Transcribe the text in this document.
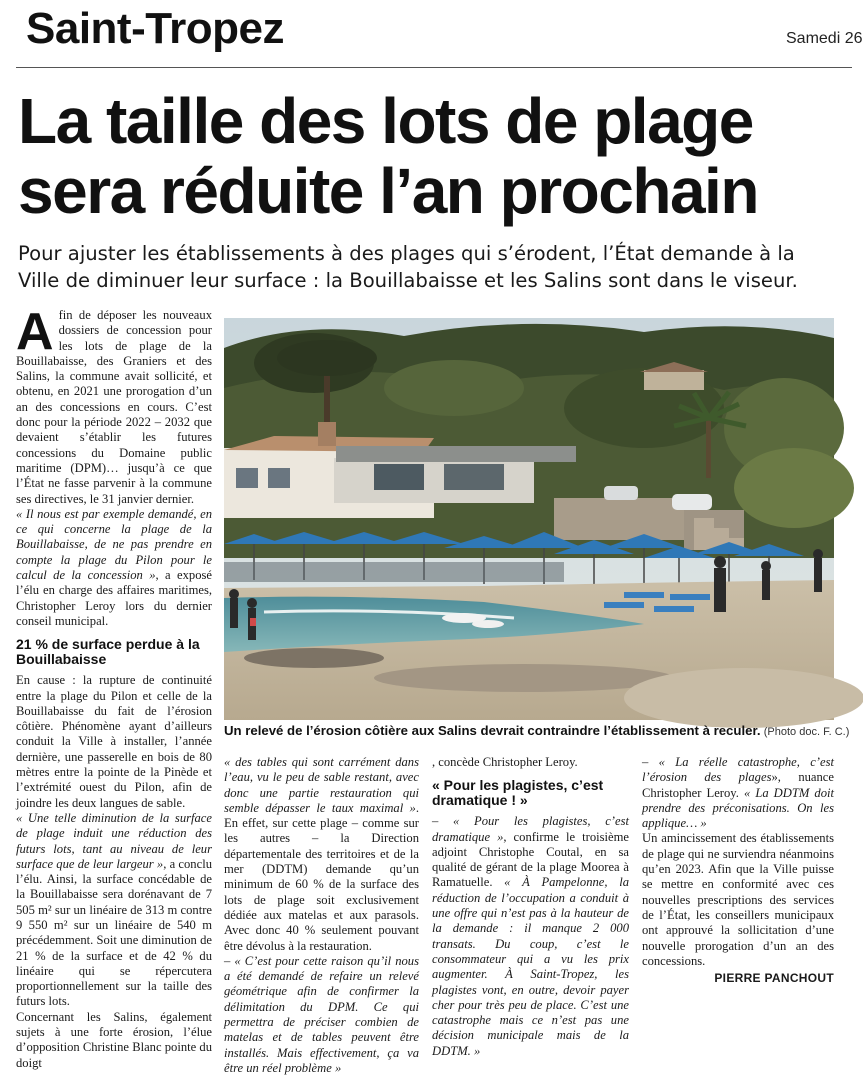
Saint-Tropez	Samedi 26
La taille des lots de plage
sera réduite l’an prochain
Pour ajuster les établissements à des plages qui s’érodent, l’État demande à la
Ville de diminuer leur surface : la Bouillabaisse et les Salins sont dans le viseur.

Afin de déposer les nouveaux dossiers de concession pour les lots de plage de la Bouillabaisse, des Graniers et des Salins, la commune avait sollicité, et obtenu, en 2021 une prorogation d’un an des concessions en cours. C’est donc pour la période 2022 – 2032 que devaient s’établir les futures concessions du Domaine public maritime (DPM)… jusqu’à ce que l’État ne fasse parvenir à la commune ses directives, le 31 janvier dernier.

« Il nous est par exemple demandé, en ce qui concerne la plage de la Bouillabaisse, de ne pas prendre en compte la plage du Pilon pour le calcul de la concession », a exposé l’élu en charge des affaires maritimes, Christopher Leroy lors du dernier conseil municipal.

21 % de surface perdue à la Bouillabaisse

En cause : la rupture de continuité entre la plage du Pilon et celle de la Bouillabaisse du fait de l’érosion côtière. Phénomène ayant d’ailleurs conduit la Ville à installer, l’année dernière, une passerelle en bois de 80 mètres entre la pointe de la Pinède et l’extrémité ouest du Pilon, afin de joindre les deux langues de sable.

« Une telle diminution de la surface de plage induit une réduction des futurs lots, tant au niveau de leur surface que de leur largeur », a conclu l’élu. Ainsi, la surface concédable de la Bouillabaisse sera dorénavant de 7 505 m² sur un linéaire de 313 m contre 9 550 m² sur un linéaire de 540 m précédemment. Soit une diminution de 21 % de la surface et de 42 % du linéaire qui se répercutera proportionnellement sur la taille des futurs lots.

Concernant les Salins, également sujets à une forte érosion, l’élue d’opposition Christine Blanc pointe du doigt

Un relevé de l’érosion côtière aux Salins devrait contraindre l’établissement à reculer. (Photo doc. F. C.)

« des tables qui sont carrément dans l’eau, vu le peu de sable restant, avec donc une partie restauration qui semble dépasser le taux maximal ». En effet, sur cette plage – comme sur les autres – la Direction départementale des territoires et de la mer (DDTM) demande qu’un minimum de 60 % de la surface des lots de plage soit exclusivement dédiée aux matelas et aux parasols. Avec donc 40 % seulement pouvant être dévolus à la restauration.

– « C’est pour cette raison qu’il nous a été demandé de refaire un relevé géométrique afin de confirmer la délimitation du DPM. Ce qui permettra de préciser combien de matelas et de tables peuvent être installés. Mais effectivement, ça va être un réel problème »

, concède Christopher Leroy.

« Pour les plagistes, c’est dramatique ! »

– « Pour les plagistes, c’est dramatique », confirme le troisième adjoint Christophe Coutal, en sa qualité de gérant de la plage Moorea à Ramatuelle. « À Pampelonne, la réduction de l’occupation a conduit à une offre qui n’est pas à la hauteur de la demande : il manque 2 000 transats. Du coup, c’est le consommateur qui a vu les prix augmenter. À Saint-Tropez, les plagistes vont, en outre, devoir payer cher pour très peu de place. C’est une catastrophe mais ce n’est pas une décision municipale mais de la DDTM. »

– « La réelle catastrophe, c’est l’érosion des plages», nuance Christopher Leroy. « La DDTM doit prendre des préconisations. On les applique… »

Un amincissement des établissements de plage qui ne surviendra néanmoins qu’en 2023. Afin que la Ville puisse se mettre en conformité avec ces nouvelles prescriptions des services de l’État, les conseillers municipaux ont approuvé la sollicitation d’une nouvelle prorogation d’un an des concessions.

PIERRE PANCHOUT
